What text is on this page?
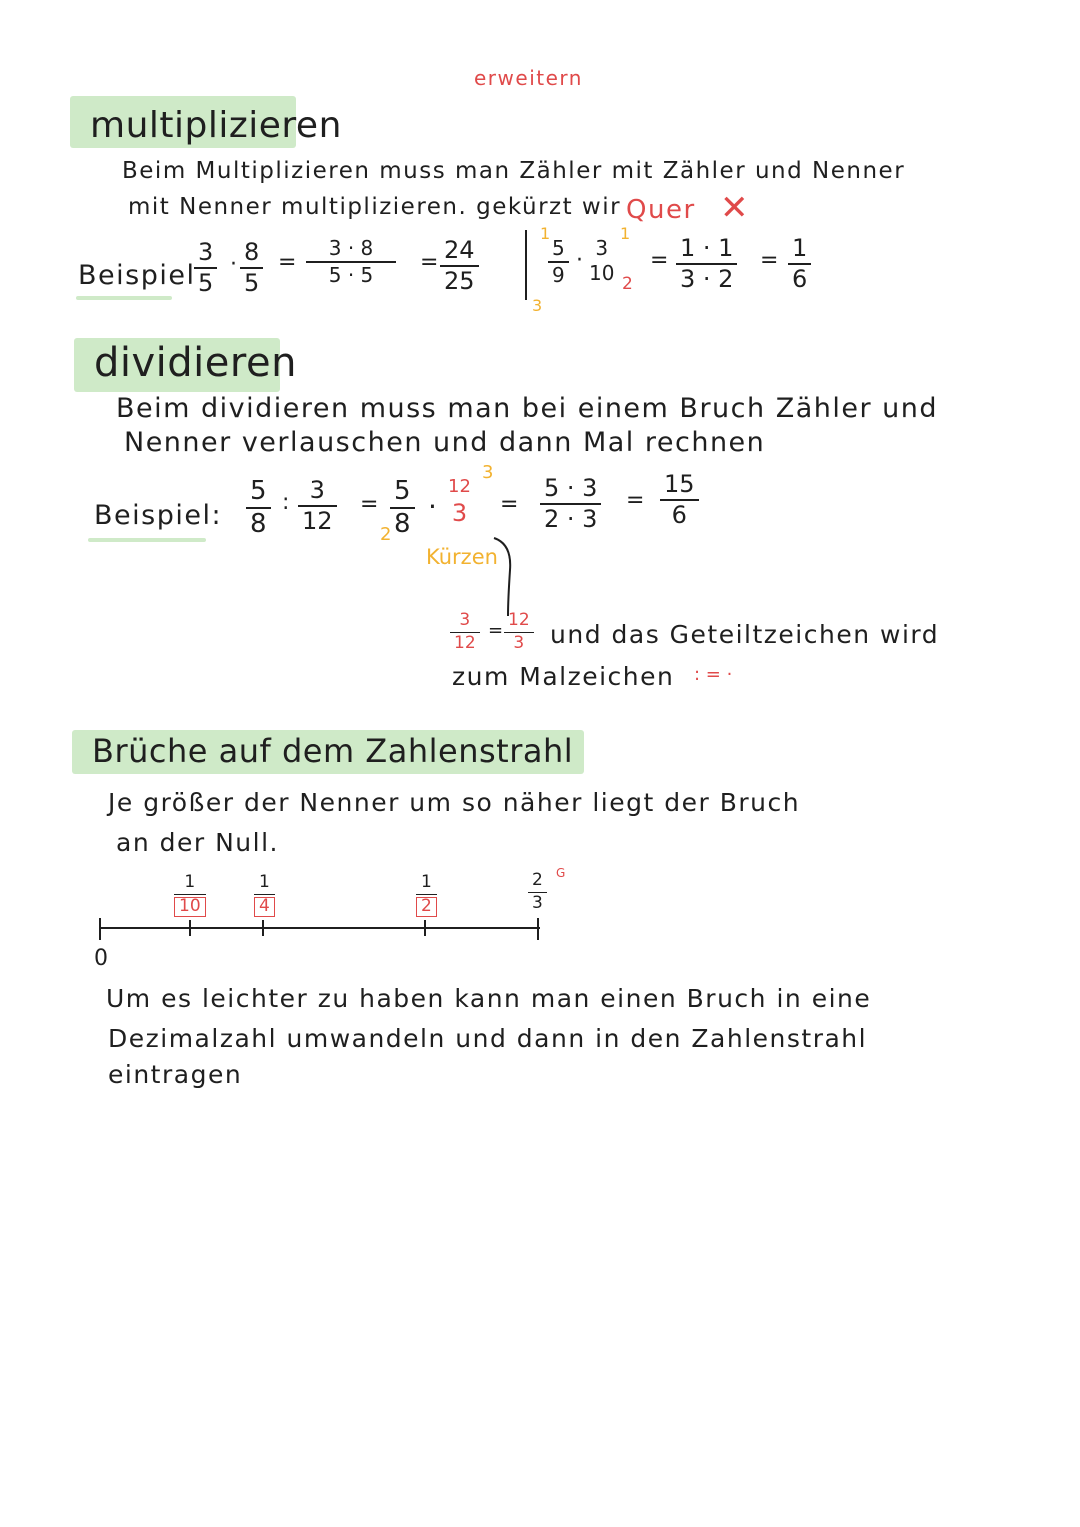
erweitern
multiplizieren
Beim Multiplizieren muss man Zähler mit Zähler und Nenner
mit Nenner multiplizieren. gekürzt wir Quer ✕
Beispiel
3
5
· 8
5
=
3 · 8
5 · 5 = 24
25
1	1
3
5
9
· 3
10 2
= 1 · 1
3 · 2
= 1
6
dividieren
Beim dividieren muss man bei einem Bruch Zähler und
Nenner verlauschen und dann Mal rechnen
Beispiel:
5
8
: 3
12
=
2
5
8
·
3
12
3 =
5 · 3
2 · 3
=
15
6
Kürzen
3
12
= 12
3 und das Geteiltzeichen wird
zum Malzeichen : = ·
Brüche auf dem Zahlenstrahl
Je größer der Nenner um so näher liegt der Bruch
an der Null.
0
$\frac{1}{10}$	$\frac{1}{4}$	$\frac{1}{2}$	2
3
G
Um es leichter zu haben kann man einen Bruch in eine
Dezimalzahl umwandeln und dann in den Zahlenstrahl
eintragen
